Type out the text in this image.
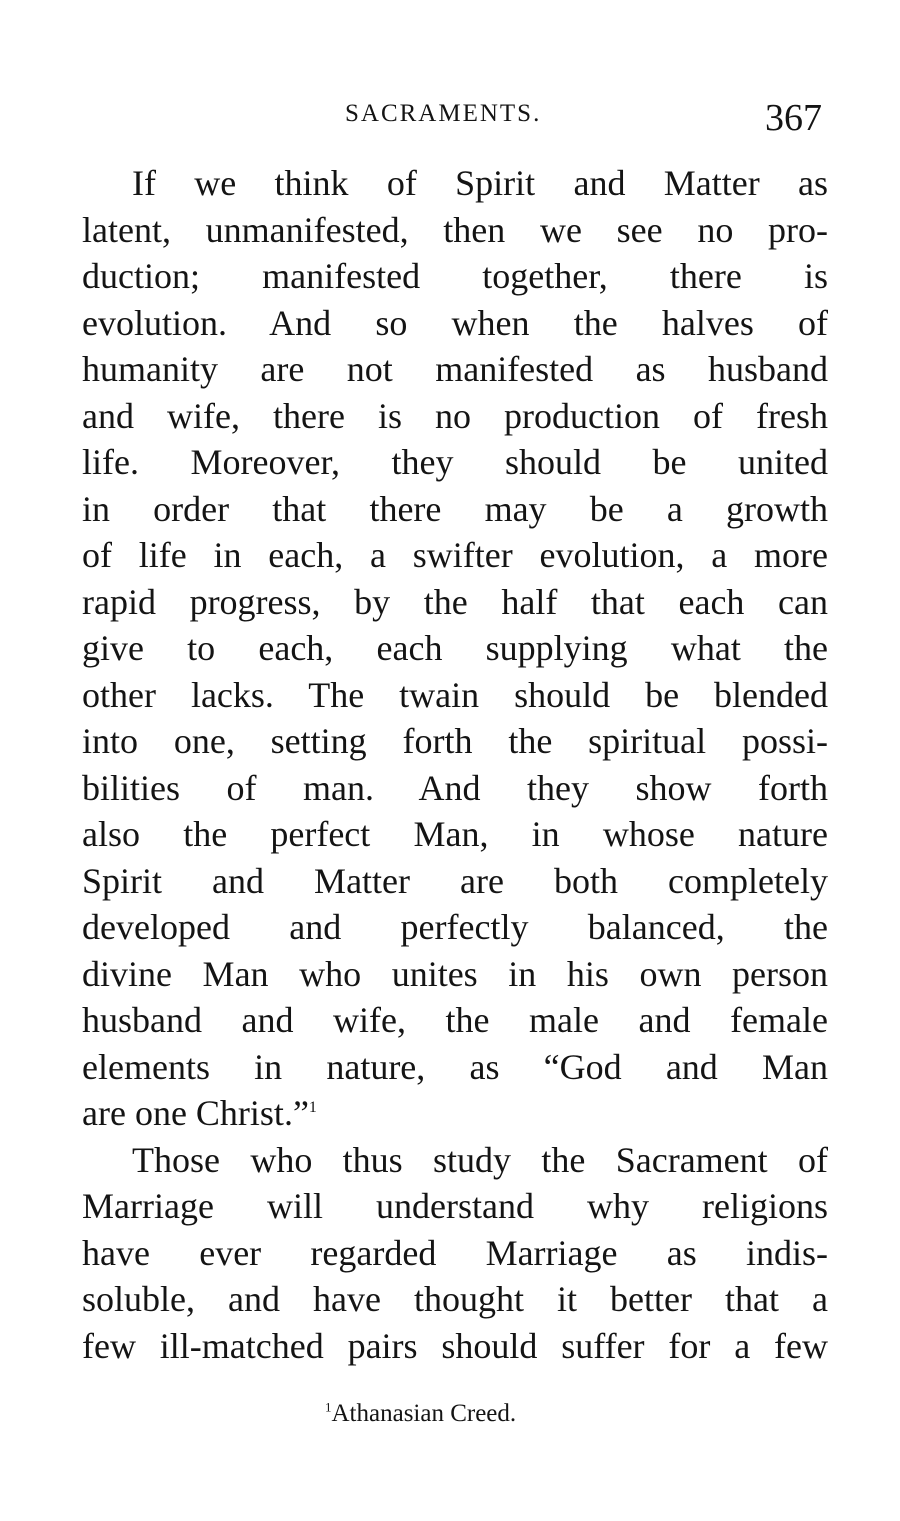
SACRAMENTS.	367
If we think of Spirit and Matter as
latent, unmanifested, then we see no pro-
duction; manifested together, there is
evolution. And so when the halves of
humanity are not manifested as husband
and wife, there is no production of fresh
life. Moreover, they should be united
in order that there may be a growth
of life in each, a swifter evolution, a more
rapid progress, by the half that each can
give to each, each supplying what the
other lacks. The twain should be blended
into one, setting forth the spiritual possi-
bilities of man. And they show forth
also the perfect Man, in whose nature
Spirit and Matter are both completely
developed and perfectly balanced, the
divine Man who unites in his own person
husband and wife, the male and female
elements in nature, as “God and Man
are one Christ.”$^1$
Those who thus study the Sacrament of
Marriage will understand why religions
have ever regarded Marriage as indis-
soluble, and have thought it better that a
few ill-matched pairs should suffer for a few
$^1$Athanasian Creed.
